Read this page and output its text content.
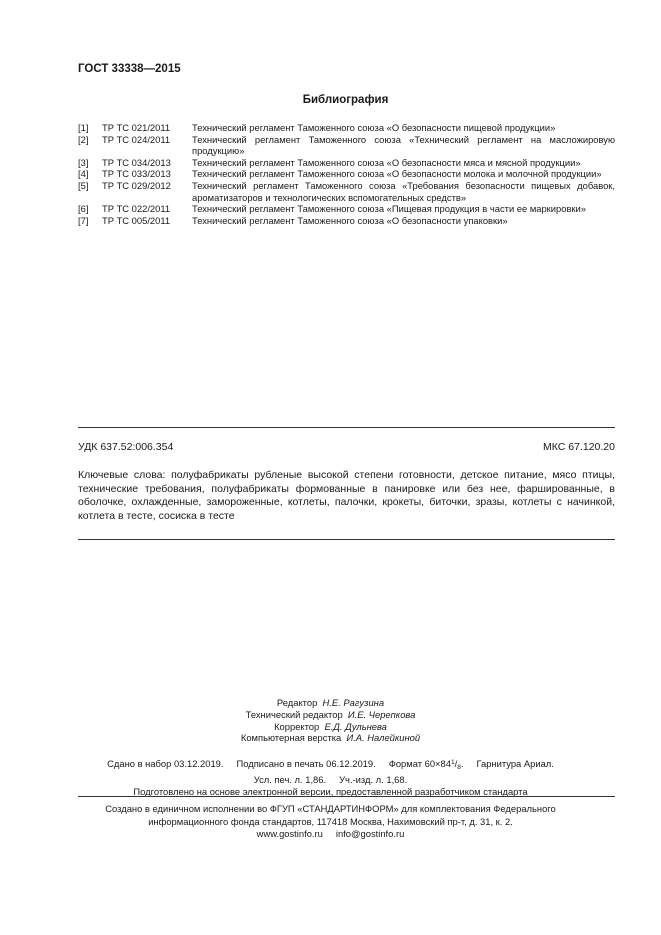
ГОСТ 33338—2015
Библиография
[1]	ТР ТС 021/2011	Технический регламент Таможенного союза «О безопасности пищевой продукции»
[2]	ТР ТС 024/2011	Технический регламент Таможенного союза «Технический регламент на масложировую продукцию»
[3]	ТР ТС 034/2013	Технический регламент Таможенного союза «О безопасности мяса и мясной продукции»
[4]	ТР ТС 033/2013	Технический регламент Таможенного союза «О безопасности молока и молочной продукции»
[5]	ТР ТС 029/2012	Технический регламент Таможенного союза «Требования безопасности пищевых добавок, ароматизаторов и технологических вспомогательных средств»
[6]	ТР ТС 022/2011	Технический регламент Таможенного союза «Пищевая продукция в части ее маркировки»
[7]	ТР ТС 005/2011	Технический регламент Таможенного союза «О безопасности упаковки»
УДК 637.52:006.354	МКС 67.120.20
Ключевые слова: полуфабрикаты рубленые высокой степени готовности, детское питание, мясо птицы, технические требования, полуфабрикаты формованные в панировке или без нее, фаршированные, в оболочке, охлажденные, замороженные, котлеты, палочки, крокеты, биточки, зразы, котлеты с начинкой, котлета в тесте, сосиска в тесте
Редактор Н.Е. Рагузина
Технический редактор И.Е. Черепкова
Корректор Е.Д. Дульнева
Компьютерная верстка И.А. Налейкиной
Сдано в набор 03.12.2019.     Подписано в печать 06.12.2019.     Формат $60\times 84^1/_8$.     Гарнитура Ариал.
Усл. печ. л. 1,86.     Уч.-изд. л. 1,68.
Подготовлено на основе электронной версии, предоставленной разработчиком стандарта
Создано в единичном исполнении во ФГУП «СТАНДАРТИНФОРМ» для комплектования Федерального
информационного фонда стандартов, 117418 Москва, Нахимовский пр-т, д. 31, к. 2.
www.gostinfo.ru info@gostinfo.ru
